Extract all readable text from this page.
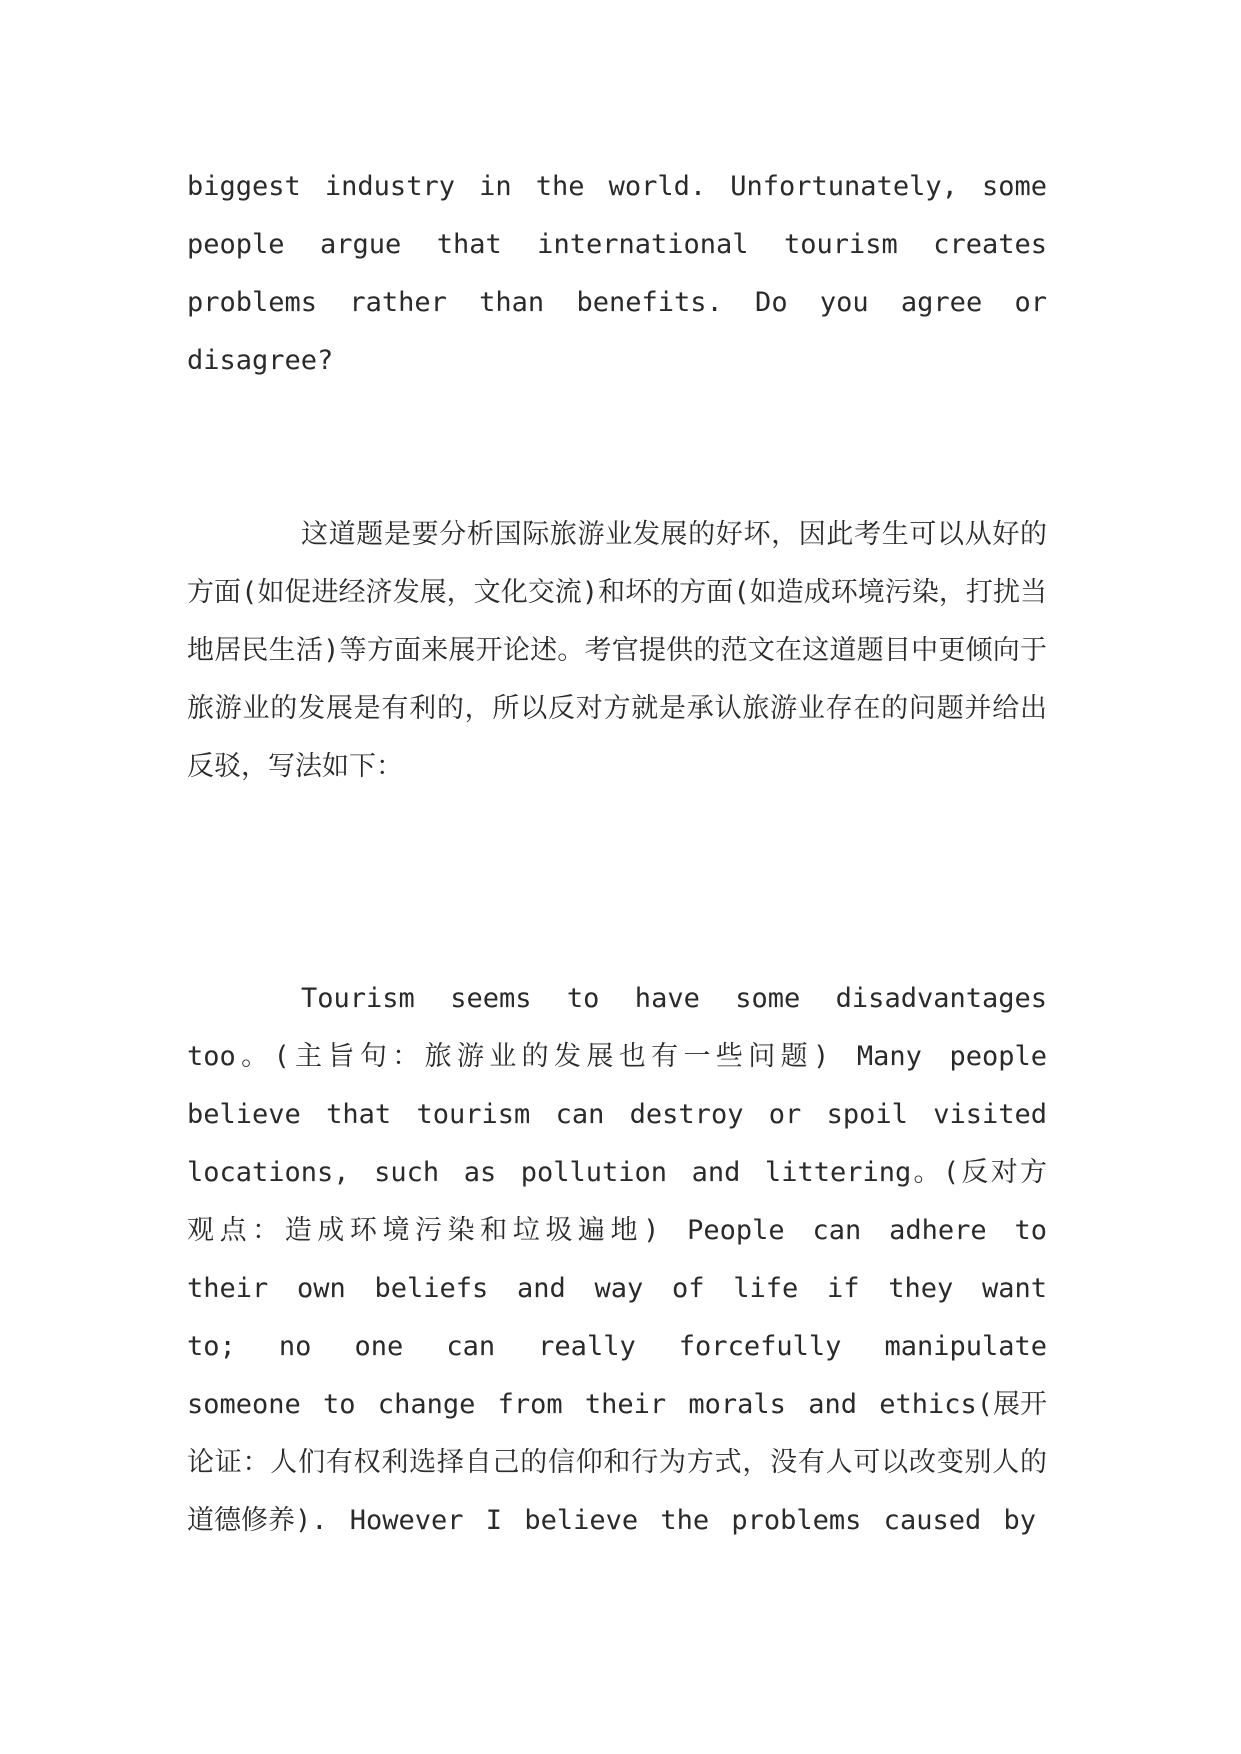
biggest industry in the world. Unfortunately, some people argue that international tourism creates problems rather than benefits. Do you agree or disagree?

这道题是要分析国际旅游业发展的好坏，因此考生可以从好的方面(如促进经济发展，文化交流)和坏的方面(如造成环境污染，打扰当地居民生活)等方面来展开论述。考官提供的范文在这道题目中更倾向于旅游业的发展是有利的，所以反对方就是承认旅游业存在的问题并给出反驳，写法如下：

Tourism seems to have some disadvantages too。(主旨句：旅游业的发展也有一些问题) Many people believe that tourism can destroy or spoil visited locations, such as pollution and littering。(反对方观点：造成环境污染和垃圾遍地) People can adhere to their own beliefs and way of life if they want to; no one can really forcefully manipulate someone to change from their morals and ethics(展开论证：人们有权利选择自己的信仰和行为方式，没有人可以改变别人的道德修养). However I believe the problems caused by
